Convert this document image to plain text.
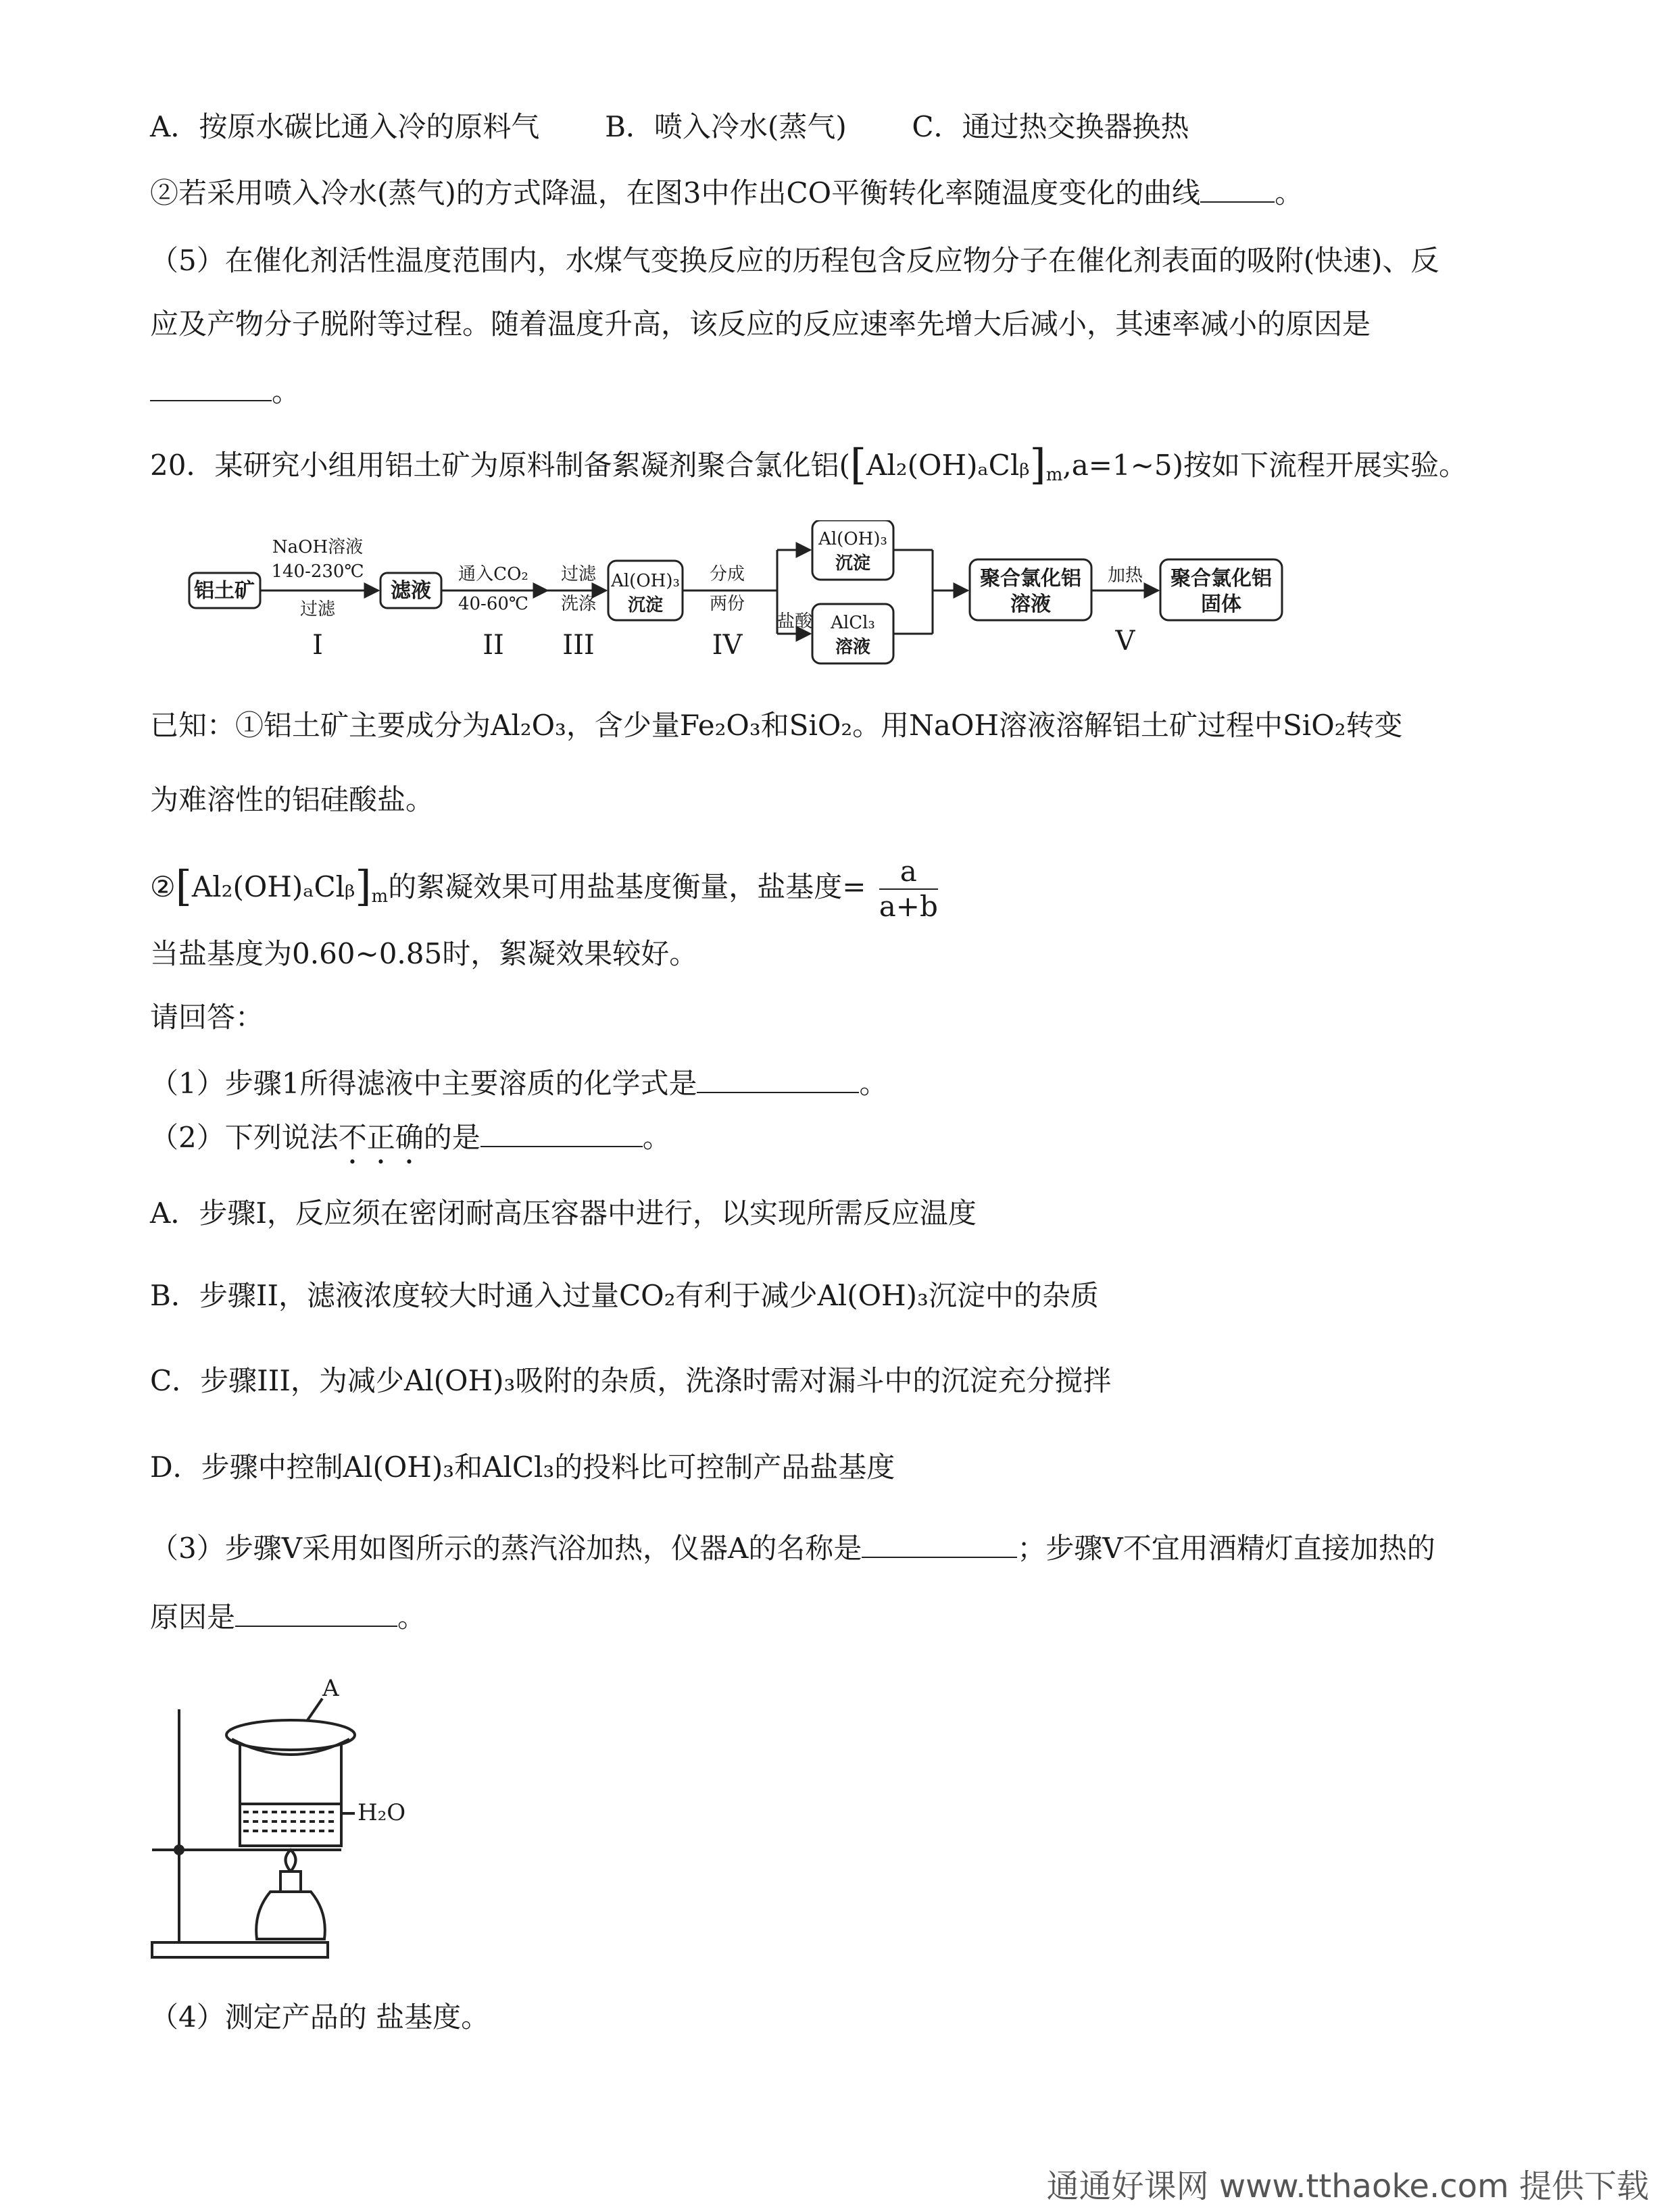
A．按原水碳比通入冷的原料气 B．喷入冷水(蒸气) C．通过热交换器换热
②若采用喷入冷水(蒸气)的方式降温，在图3中作出CO平衡转化率随温度变化的曲线	。
（5）在催化剂活性温度范围内，水煤气变换反应的历程包含反应物分子在催化剂表面的吸附(快速)、反
应及产物分子脱附等过程。随着温度升高，该反应的反应速率先增大后减小，其速率减小的原因是
。
20．某研究小组用铝土矿为原料制备絮凝剂聚合氯化铝$([Al_2(OH)_aClᵦ]_m,a=1\sim 5)$按如下流程开展实验。
铝土矿
NaOH溶液
140-230℃
过滤
I
滤液
通入CO₂
40-60℃
II
过滤
洗涤
III
Al(OH)₃
沉淀
分成
两份
IV
盐酸
Al(OH)₃
沉淀
AlCl₃
溶液
聚合氯化铝
溶液
加热
V
聚合氯化铝
固体
已知：①铝土矿主要成分为Al₂O₃，含少量Fe₂O₃和SiO₂。用NaOH溶液溶解铝土矿过程中SiO₂转变
为难溶性的铝硅酸盐。
$②[Al_2(OH)_aClᵦ]_m$的絮凝效果可用盐基度衡量，盐基度= $\frac{a}{a+b}$
当盐基度为0.60~0.85时，絮凝效果较好。
请回答：
（1）步骤1所得滤液中主要溶质的化学式是	。
（2）下列说法不正确的是	。
A．步骤I，反应须在密闭耐高压容器中进行，以实现所需反应温度
B．步骤II，滤液浓度较大时通入过量CO₂有利于减少Al(OH)₃沉淀中的杂质
C．步骤III，为减少Al(OH)₃吸附的杂质，洗涤时需对漏斗中的沉淀充分搅拌
D．步骤中控制Al(OH)₃和AlCl₃的投料比可控制产品盐基度
（3）步骤V采用如图所示的蒸汽浴加热，仪器A的名称是	；步骤V不宜用酒精灯直接加热的
原因是	。
A
H₂O
（4）测定产品的 盐基度。
通通好课网 www.tthaoke.com 提供下载
